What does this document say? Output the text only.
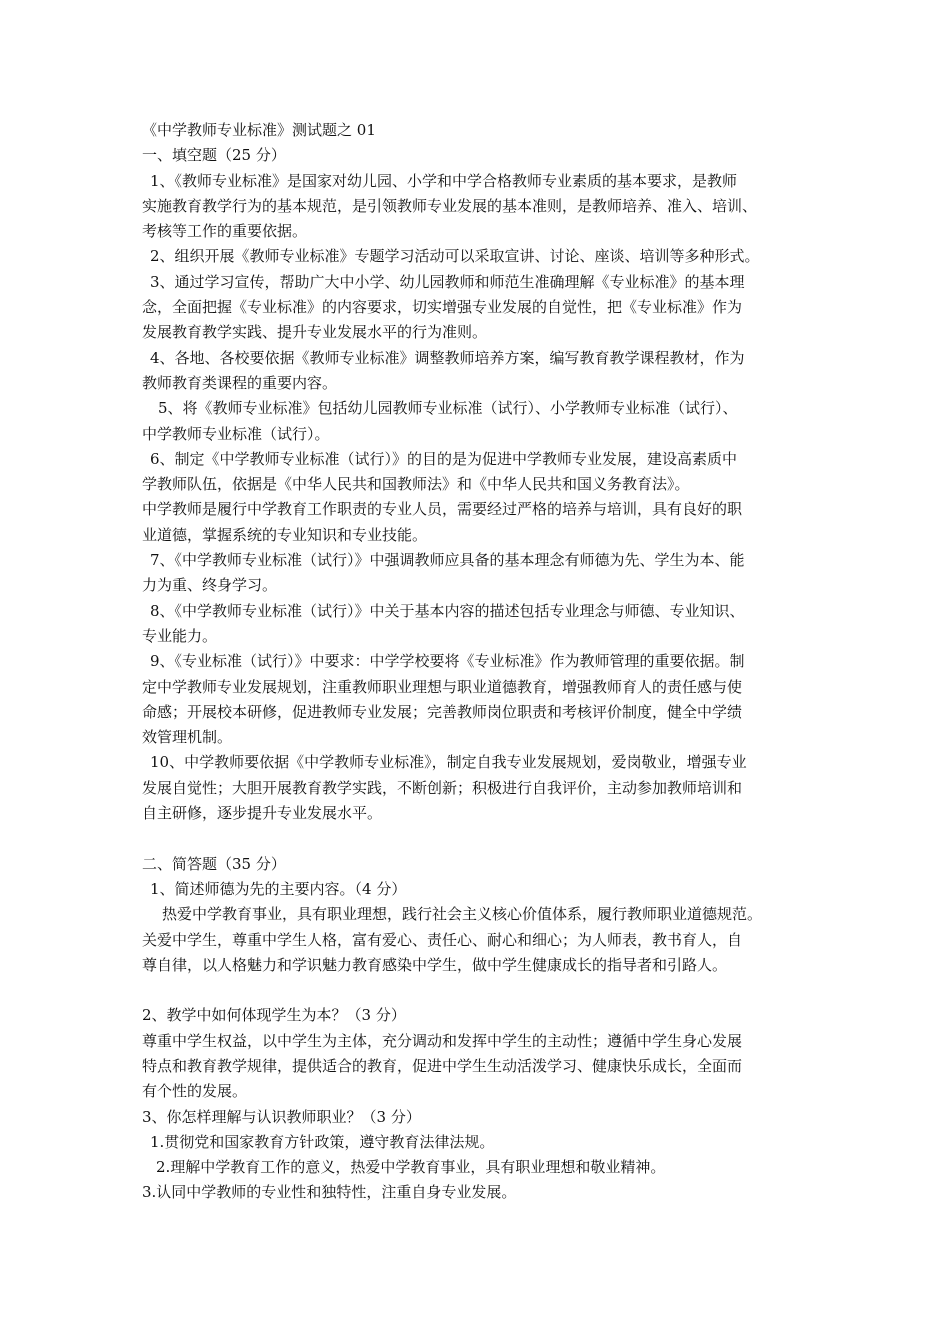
《中学教师专业标准》测试题之 01
一、填空题（25 分）
1、《教师专业标准》是国家对幼儿园、小学和中学合格教师专业素质的基本要求，是教师
实施教育教学行为的基本规范，是引领教师专业发展的基本准则，是教师培养、准入、培训、
考核等工作的重要依据。
2、组织开展《教师专业标准》专题学习活动可以采取宣讲、讨论、座谈、培训等多种形式。
3、通过学习宣传，帮助广大中小学、幼儿园教师和师范生准确理解《专业标准》的基本理
念，全面把握《专业标准》的内容要求，切实增强专业发展的自觉性，把《专业标准》作为
发展教育教学实践、提升专业发展水平的行为准则。
4、各地、各校要依据《教师专业标准》调整教师培养方案，编写教育教学课程教材，作为
教师教育类课程的重要内容。
5、将《教师专业标准》包括幼儿园教师专业标准（试行）、小学教师专业标准（试行）、
中学教师专业标准（试行）。
6、制定《中学教师专业标准（试行）》的目的是为促进中学教师专业发展，建设高素质中
学教师队伍，依据是《中华人民共和国教师法》和《中华人民共和国义务教育法》。
中学教师是履行中学教育工作职责的专业人员，需要经过严格的培养与培训，具有良好的职
业道德，掌握系统的专业知识和专业技能。
7、《中学教师专业标准（试行）》中强调教师应具备的基本理念有师德为先、学生为本、能
力为重、终身学习。
8、《中学教师专业标准（试行）》中关于基本内容的描述包括专业理念与师德、专业知识、
专业能力。
9、《专业标准（试行）》中要求：中学学校要将《专业标准》作为教师管理的重要依据。制
定中学教师专业发展规划，注重教师职业理想与职业道德教育，增强教师育人的责任感与使
命感；开展校本研修，促进教师专业发展；完善教师岗位职责和考核评价制度，健全中学绩
效管理机制。
10、中学教师要依据《中学教师专业标准》，制定自我专业发展规划，爱岗敬业，增强专业
发展自觉性；大胆开展教育教学实践，不断创新；积极进行自我评价，主动参加教师培训和
自主研修，逐步提升专业发展水平。
二、简答题（35 分）
1、简述师德为先的主要内容。（4 分）
热爱中学教育事业，具有职业理想，践行社会主义核心价值体系，履行教师职业道德规范。
关爱中学生，尊重中学生人格，富有爱心、责任心、耐心和细心；为人师表，教书育人，自
尊自律，以人格魅力和学识魅力教育感染中学生，做中学生健康成长的指导者和引路人。
2、教学中如何体现学生为本？（3 分）
尊重中学生权益，以中学生为主体，充分调动和发挥中学生的主动性；遵循中学生身心发展
特点和教育教学规律，提供适合的教育，促进中学生生动活泼学习、健康快乐成长，全面而
有个性的发展。
3、你怎样理解与认识教师职业？（3 分）
1.贯彻党和国家教育方针政策，遵守教育法律法规。
2.理解中学教育工作的意义，热爱中学教育事业，具有职业理想和敬业精神。
3.认同中学教师的专业性和独特性，注重自身专业发展。
